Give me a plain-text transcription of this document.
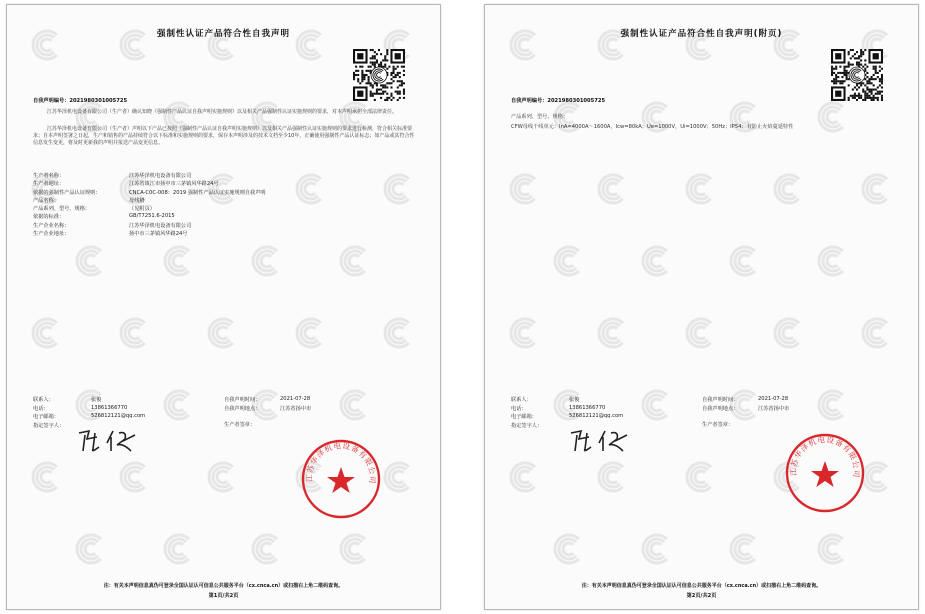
强制性认证产品符合性自我声明
自我声明编号：2021980301005725
江苏华泽机电设备有限公司（生产者）确认知晓《强制性产品认证自我声明实施规则》以及相关产品强制性认证实施规则的要求，对本声明承担全部法律责任。
江苏华泽机电设备有限公司（生产者）声明以下产品已按照《强制性产品认证自我声明实施规则》以及相关产品强制性认证实施规则的要求进行检测，符合相关标准要求；自本声明签署之日起，生产和销售的产品持续符合以下标准和实施规则的要求，保存本声明涉及的技术文档至少10年，正确使用强制性产品认证标志；如产品或其符合性信息发生变更，将及时更新我的声明并报送产品变更信息。
生产者名称：	江苏华泽机电设备有限公司
生产者地址：	江苏省镇江市扬中市三茅镇风华路24号
依据的强制性产品认证规则：	CNCA-C0C-008：2019 强制性产品认证实施规则自我声明
产品名称：	母线槽
产品系列、型号、规格：	（见附页）
依据的标准：	GB/T7251.6-2015
生产企业名称：	江苏华泽机电设备有限公司
生产企业地址：	扬中市三茅镇风华路24号
联系人：	张俊
电话：	13861366770
电子邮箱：	526812121@qq.com
指定签字人：
自我声明时间：	2021-07-28
自我声明地点：	江苏省扬中市
生产者签章：
江苏华泽机电设备有限公司
注：有关本声明信息真伪可登录全国认证认可信息公共服务平台（cx.cnca.cn）或扫描右上角二维码查询。
第1页/共2页
强制性认证产品符合性自我声明(附页)
自我声明编号：2021980301005725
产品系列、型号、规格：
CFW母线干线单元：InA=4000A～1600A，Icw=80kA；Ue=1000V，Ui=1000V；50Hz；IP54；有防止火焰蔓延特性
联系人：	张俊
电话：	13861366770
电子邮箱：	526812121@qq.com
指定签字人：
自我声明时间：	2021-07-28
自我声明地点：	江苏省扬中市
生产者签章：
江苏华泽机电设备有限公司
注：有关本声明信息真伪可登录全国认证认可信息公共服务平台（cx.cnca.cn）或扫描右上角二维码查询。
第2页/共2页
